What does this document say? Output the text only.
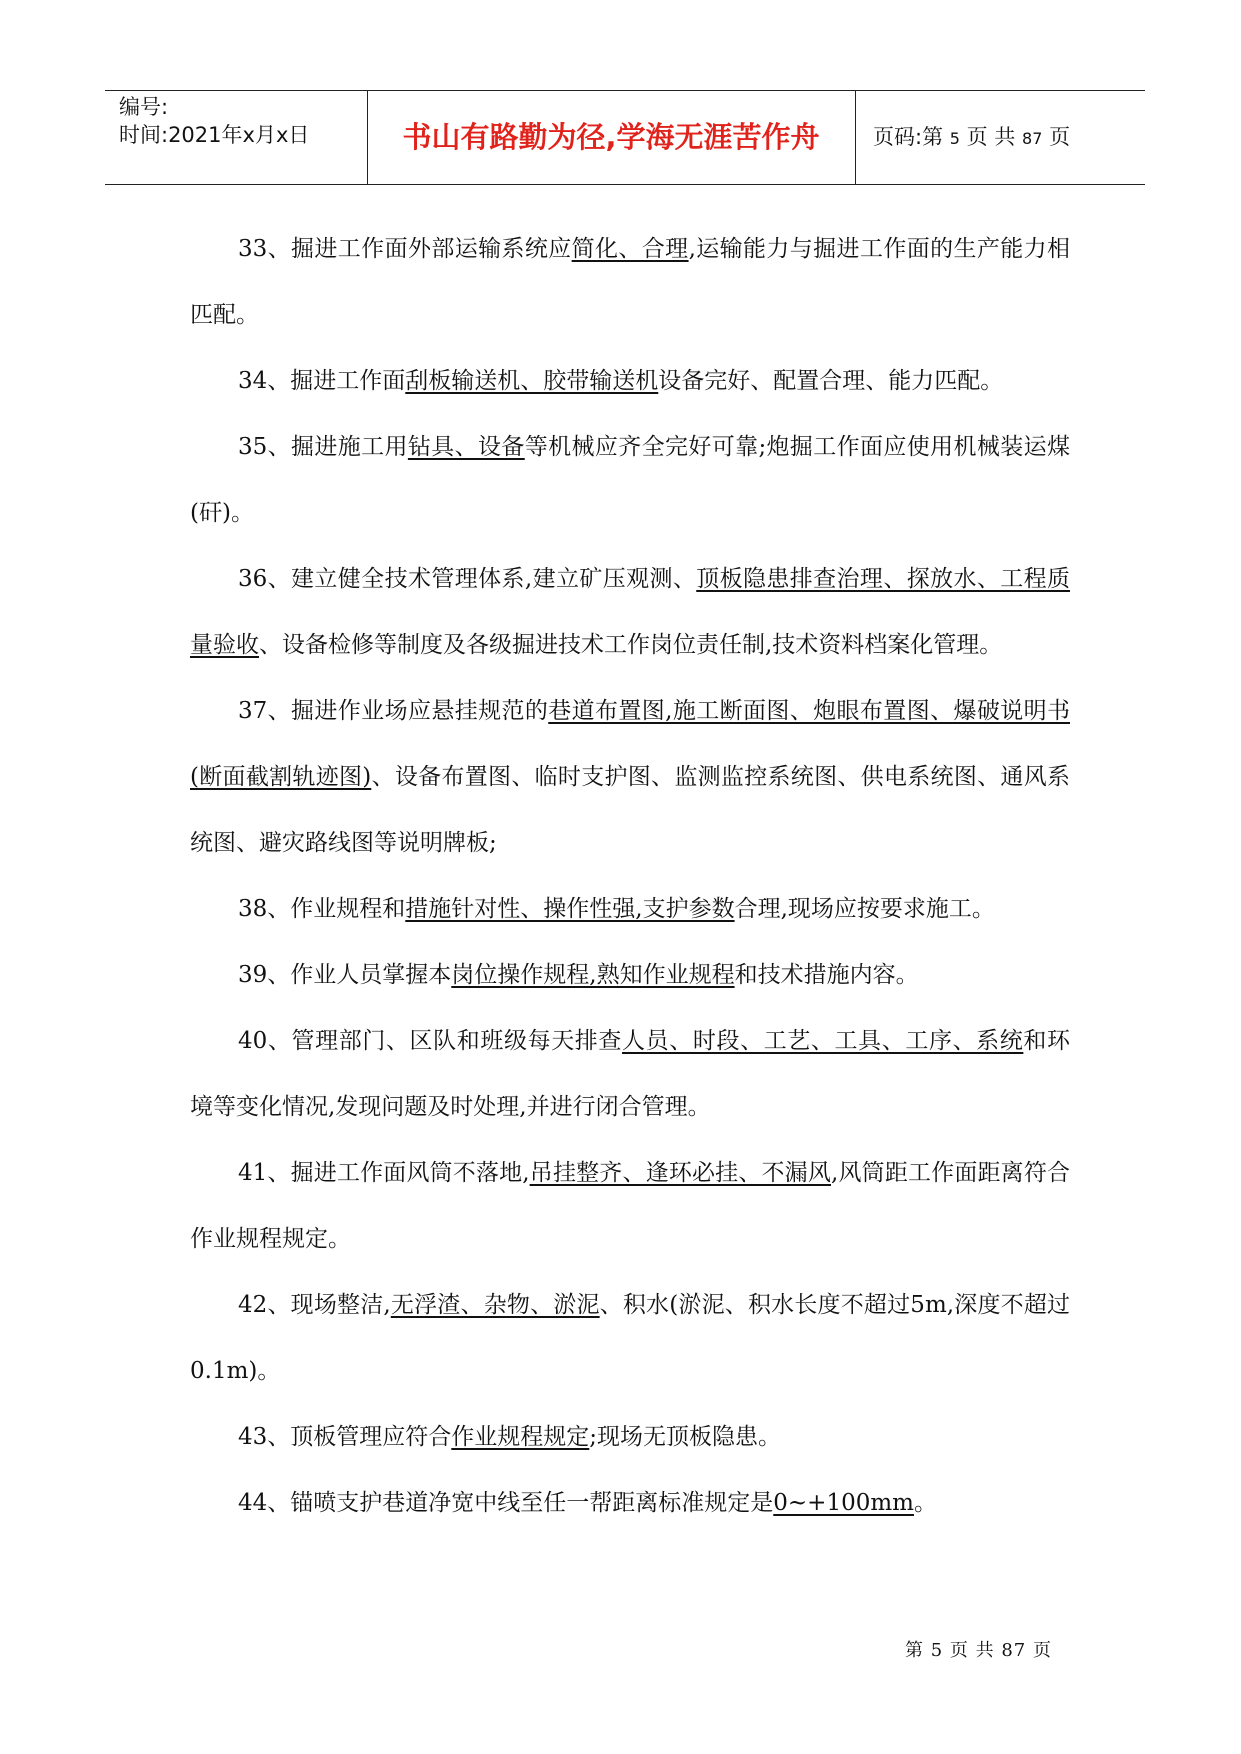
编号:
时间:2021年x月x日	书山有路勤为径,学海无涯苦作舟	页码:第 5 页 共 87 页

33、掘进工作面外部运输系统应简化、合理,运输能力与掘进工作面的生产能力相匹配。

34、掘进工作面刮板输送机、胶带输送机设备完好、配置合理、能力匹配。

35、掘进施工用钻具、设备等机械应齐全完好可靠;炮掘工作面应使用机械装运煤(矸)。

36、建立健全技术管理体系,建立矿压观测、顶板隐患排查治理、探放水、工程质量验收、设备检修等制度及各级掘进技术工作岗位责任制,技术资料档案化管理。

37、掘进作业场应悬挂规范的巷道布置图,施工断面图、炮眼布置图、爆破说明书(断面截割轨迹图)、设备布置图、临时支护图、监测监控系统图、供电系统图、通风系统图、避灾路线图等说明牌板;

38、作业规程和措施针对性、操作性强,支护参数合理,现场应按要求施工。

39、作业人员掌握本岗位操作规程,熟知作业规程和技术措施内容。

40、管理部门、区队和班级每天排查人员、时段、工艺、工具、工序、系统和环境等变化情况,发现问题及时处理,并进行闭合管理。

41、掘进工作面风筒不落地,吊挂整齐、逢环必挂、不漏风,风筒距工作面距离符合作业规程规定。

42、现场整洁,无浮渣、杂物、淤泥、积水(淤泥、积水长度不超过5m,深度不超过0.1m)。

43、顶板管理应符合作业规程规定;现场无顶板隐患。

44、锚喷支护巷道净宽中线至任一帮距离标准规定是0~+100mm。

第 5 页 共 87 页
